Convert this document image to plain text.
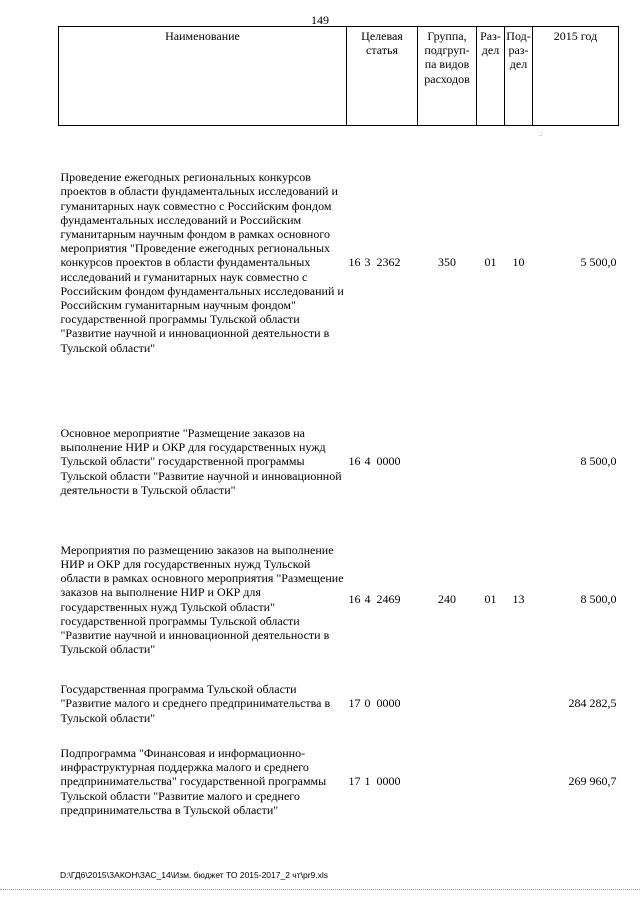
149
.:
Наименование	Целевая статья	Группа, подгруп-па видов расходов	Раз-дел	Под-раз-дел	2015 год

Проведение ежегодных региональных конкурсов проектов в области фундаментальных исследований и гуманитарных наук совместно с Российским фондом фундаментальных исследований и Российским гуманитарным научным фондом в рамках основного мероприятия "Проведение ежегодных региональных конкурсов проектов в области фундаментальных исследований и гуманитарных наук совместно с Российским фондом фундаментальных исследований и Российским гуманитарным научным фондом" государственной программы Тульской области "Развитие научной и инновационной деятельности в Тульской области"	16 3 2362	350	01	10	5 500,0

Основное мероприятие "Размещение заказов на выполнение НИР и ОКР для государственных нужд Тульской области" государственной программы Тульской области "Развитие научной и инновационной деятельности в Тульской области"	16 4 0000				8 500,0

Мероприятия по размещению заказов на выполнение НИР и ОКР для государственных нужд Тульской области в рамках основного мероприятия "Размещение заказов на выполнение НИР и ОКР для государственных нужд Тульской области" государственной программы Тульской области "Развитие научной и инновационной деятельности в Тульской области"	16 4 2469	240	01	13	8 500,0

Государственная программа Тульской области "Развитие малого и среднего предпринимательства в Тульской области"	17 0 0000				284 282,5

Подпрограмма "Финансовая и информационно-инфраструктурная поддержка малого и среднего предпринимательства" государственной программы Тульской области "Развитие малого и среднего предпринимательства в Тульской области"	17 1 0000				269 960,7
D:\ГД6\2015\ЗАКОН\ЗАС_14\Изм. бюджет ТО 2015-2017_2 чт\pr9.xls
